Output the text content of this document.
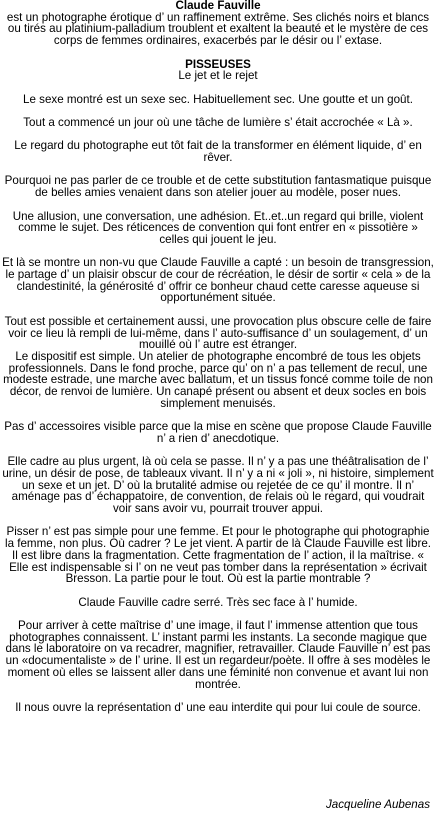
Claude Fauville
est un photographe érotique d’ un raffinement extrême. Ses clichés noirs et blancs ou tirés au platinium-palladium troublent et exaltent la beauté et le mystère de ces corps de femmes ordinaires, exacerbés par le désir ou l’ extase.
PISSEUSES

Le jet et le rejet

Le sexe montré est un sexe sec. Habituellement sec. Une goutte et un goût.

Tout a commencé un jour où une tâche de lumière s’ était accrochée « Là ».

Le regard du photographe eut tôt fait de la transformer en élément liquide, d’ en rêver.

Pourquoi ne pas parler de ce trouble et de cette substitution fantasmatique puisque de belles amies venaient dans son atelier jouer au modèle, poser nues.

Une allusion, une conversation, une adhésion. Et..et..un regard qui brille, violent comme le sujet. Des réticences de convention qui font entrer en « pissotière » celles qui jouent le jeu.

Et là se montre un non-vu que Claude Fauville a capté : un besoin de transgression, le partage d’ un plaisir obscur de cour de récréation, le désir de sortir « cela » de la clandestinité, la générosité d’ offrir ce bonheur chaud cette caresse aqueuse si opportunément située.

Tout est possible et certainement aussi, une provocation plus obscure celle de faire voir ce lieu là rempli de lui-même, dans l’ auto-suffisance d’ un soulagement, d’ un mouillé où l’ autre est étranger.

Le dispositif est simple. Un atelier de photographe encombré de tous les objets professionnels. Dans le fond proche, parce qu’ on n’ a pas tellement de recul, une modeste estrade, une marche avec ballatum, et un tissus foncé comme toile de non décor, de renvoi de lumière. Un canapé présent ou absent et deux socles en bois simplement menuisés.

Pas d’ accessoires visible parce que la mise en scène que propose Claude Fauville n’ a rien d’ anecdotique.

Elle cadre au plus urgent, là où cela se passe. Il n’ y a pas une théâtralisation de l’ urine, un désir de pose, de tableaux vivant. Il n’ y a ni « joli », ni histoire, simplement un sexe et un jet. D’ où la brutalité admise ou rejetée de ce qu’ il montre. Il n’ aménage pas d’ échappatoire, de convention, de relais où le regard, qui voudrait voir sans avoir vu, pourrait trouver appui.

Pisser n’ est pas simple pour une femme. Et pour le photographe qui photographie la femme, non plus. Où cadrer ? Le jet vient. A partir de là Claude Fauville est libre. Il est libre dans la fragmentation. Cette fragmentation de l’ action, il la maîtrise. « Elle est indispensable si l’ on ne veut pas tomber dans la représentation » écrivait Bresson. La partie pour le tout. Où est la partie montrable ?

Claude Fauville cadre serré. Très sec face à l’ humide.

Pour arriver à cette maîtrise d’ une image, il faut l’ immense attention que tous photographes connaissent. L’ instant parmi les instants. La seconde magique que dans le laboratoire on va recadrer, magnifier, retravailler. Claude Fauville n’ est pas un «documentaliste » de l’ urine. Il est un regardeur/poète. Il offre à ses modèles le moment où elles se laissent aller dans une féminité non convenue et avant lui non montrée.

Il nous ouvre la représentation d’ une eau interdite qui pour lui coule de source.

Jacqueline Aubenas
